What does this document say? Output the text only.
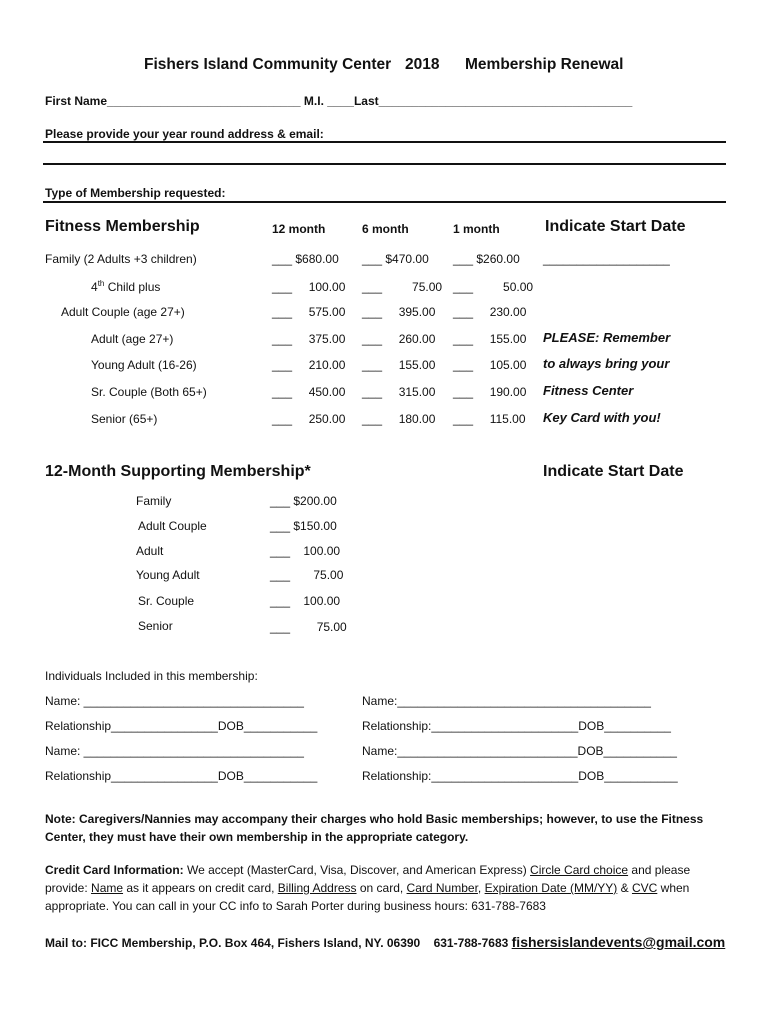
Fishers Island Community Center 2018 Membership Renewal
First Name_____________________________ M.I. ____Last______________________________________
Please provide your year round address & email:
Type of Membership requested:
Fitness Membership	12 month	6 month	1 month	Indicate Start Date
Family (2 Adults +3 children)	___ $680.00 ___ $470.00 ___ $260.00 ___________________
4th Child plus	___ 100.00 ___	75.00 ___	50.00
Adult Couple (age 27+)	___ 575.00 ___ 395.00 ___ 230.00
Adult (age 27+)	___ 375.00 ___ 260.00 ___ 155.00 PLEASE: Remember
Young Adult (16-26)	___ 210.00 ___ 155.00 ___ 105.00 to always bring your
Sr. Couple (Both 65+)	___ 450.00 ___ 315.00 ___ 190.00 Fitness Center
Senior (65+)	___ 250.00 ___ 180.00 ___ 115.00 Key Card with you!
12-Month Supporting Membership*	Indicate Start Date
Family	___ $200.00
Adult Couple	___ $150.00
Adult	___ 100.00
Young Adult	___ 75.00
Sr. Couple	___ 100.00
Senior	___ 75.00
Individuals Included in this membership:
Name: _________________________________	Name:______________________________________
Relationship________________DOB___________	Relationship:______________________DOB__________
Name: _________________________________	Name:___________________________DOB___________
Relationship________________DOB___________	Relationship:______________________DOB___________
Note: Caregivers/Nannies may accompany their charges who hold Basic memberships; however, to use the Fitness Center, they must have their own membership in the appropriate category.
Credit Card Information: We accept (MasterCard, Visa, Discover, and American Express) Circle Card choice and please provide: Name as it appears on credit card, Billing Address on card, Card Number, Expiration Date (MM/YY) & CVC when appropriate. You can call in your CC info to Sarah Porter during business hours: 631-788-7683
Mail to: FICC Membership, P.O. Box 464, Fishers Island, NY. 06390    631-788-7683 fishersislandevents@gmail.com
